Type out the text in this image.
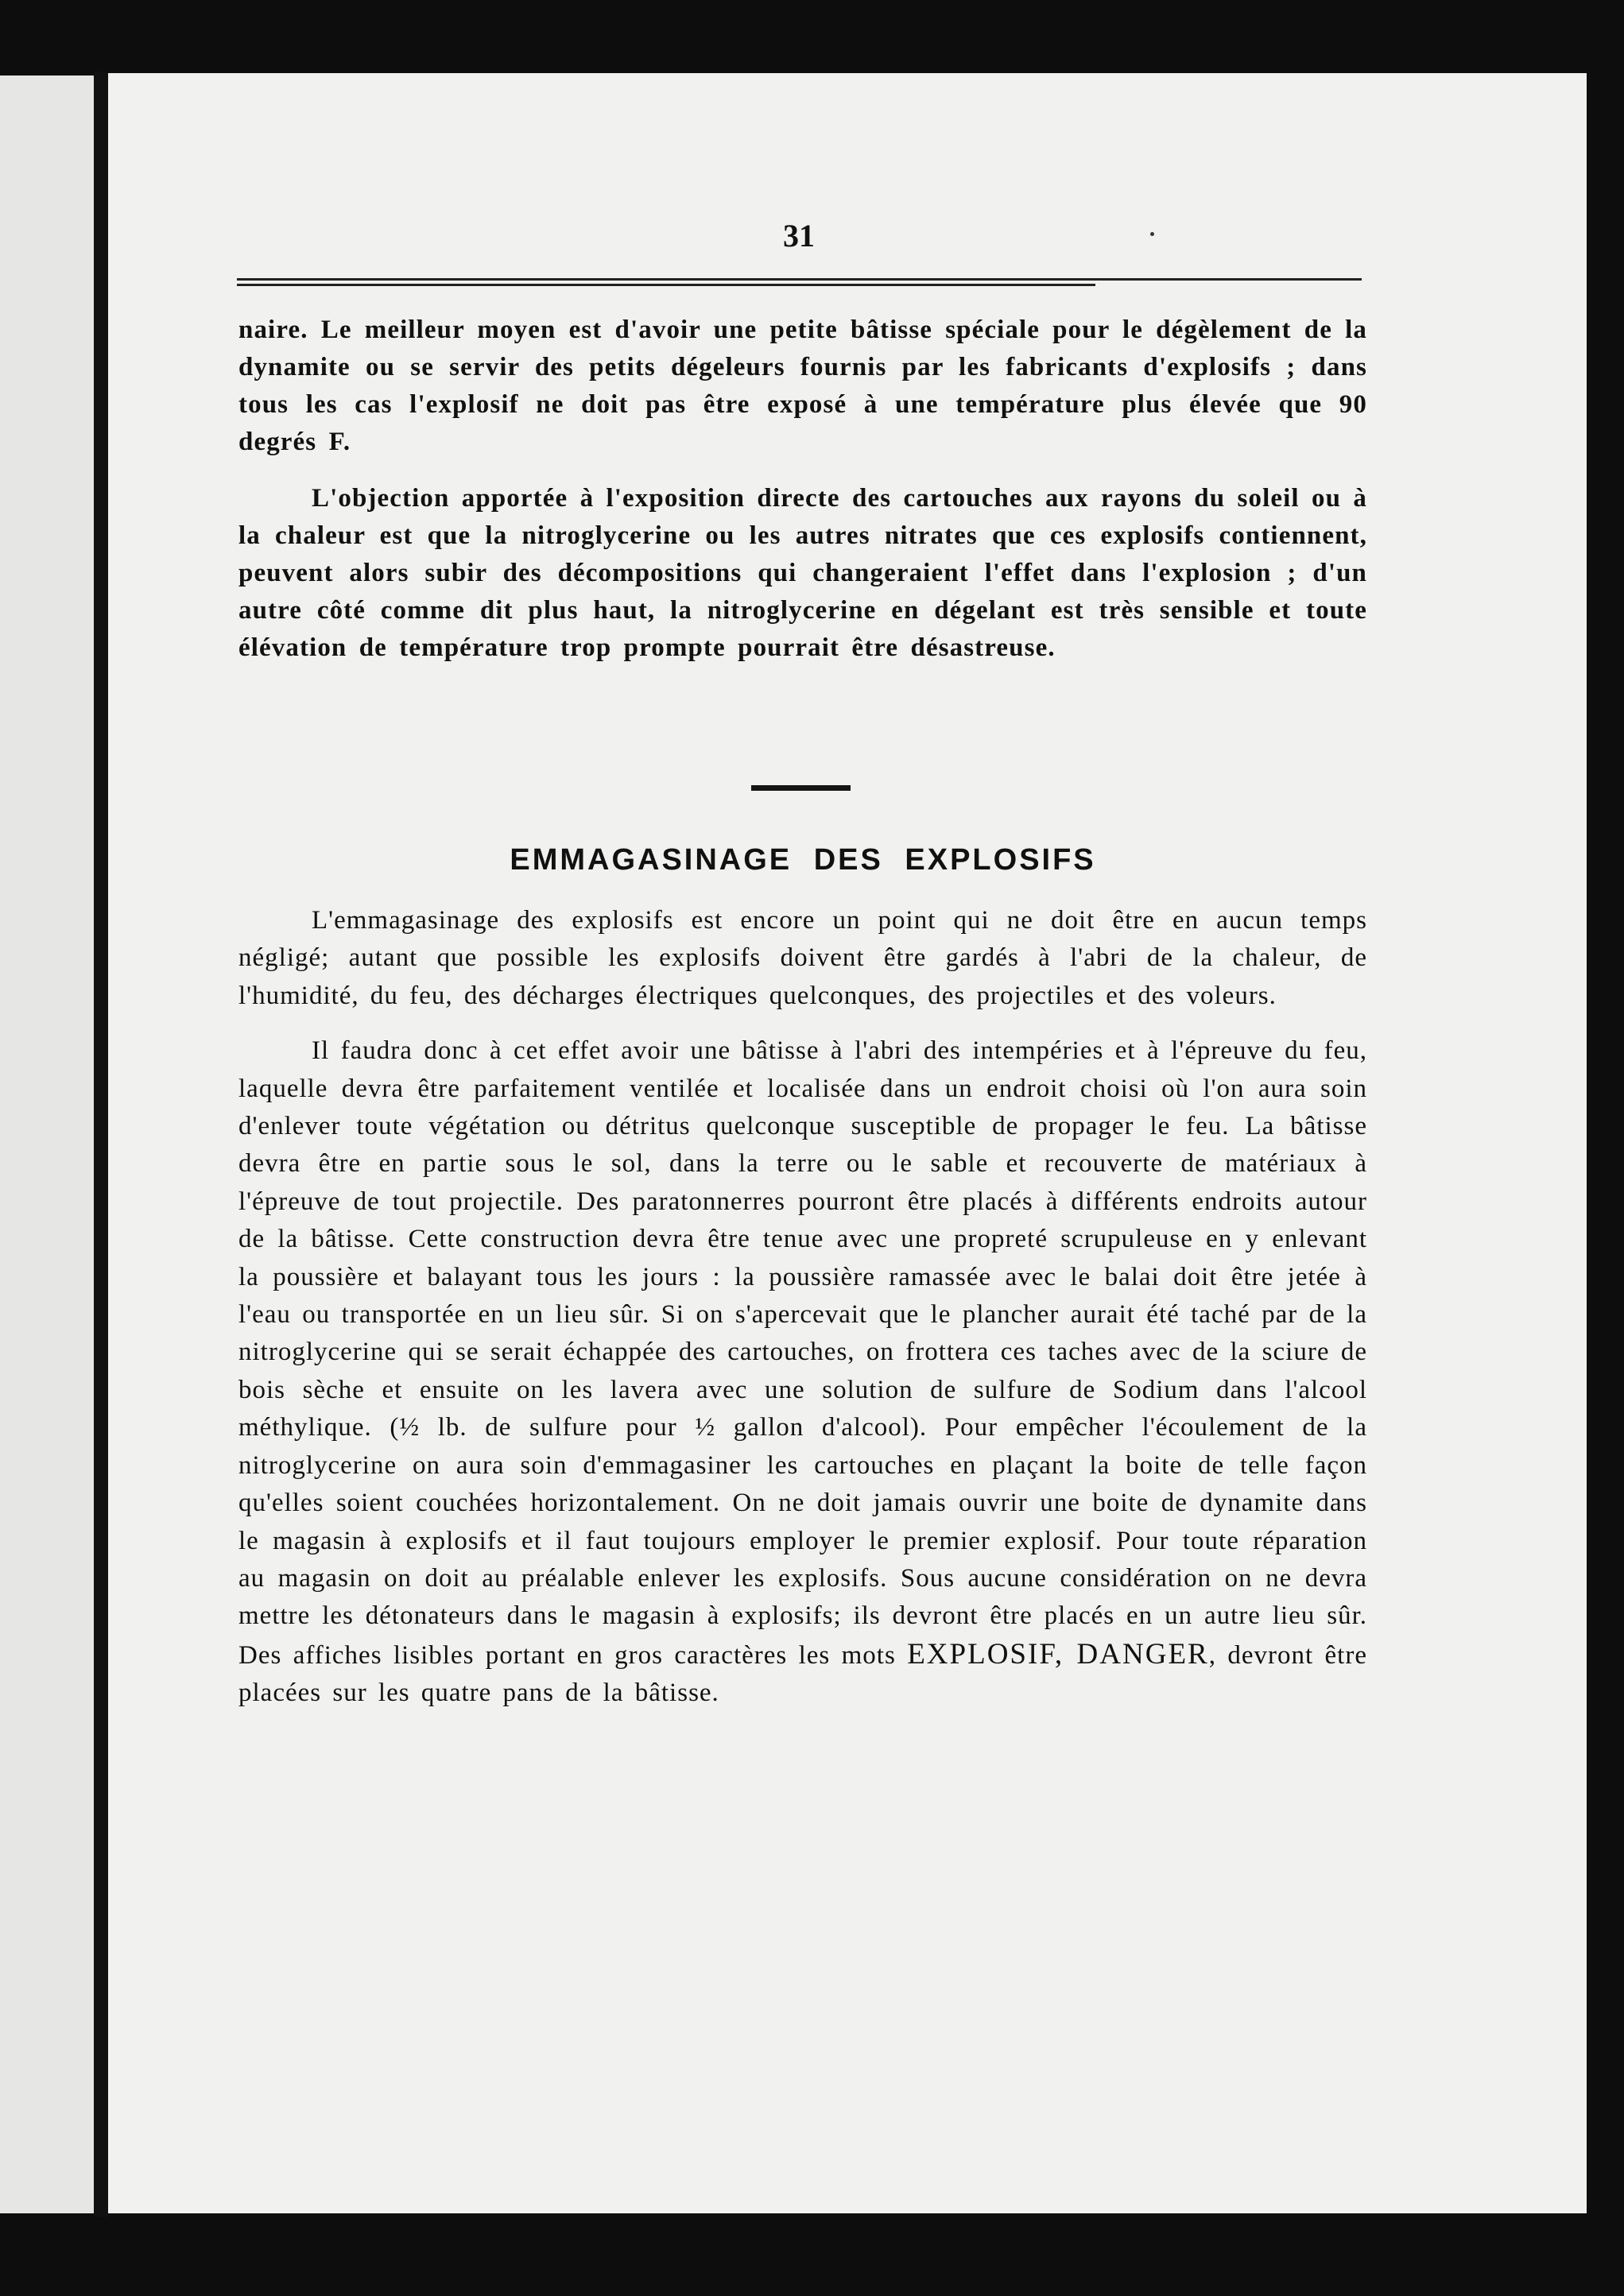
31

naire. Le meilleur moyen est d'avoir une petite bâtisse spéciale pour le dégèlement de la dynamite ou se servir des petits dégeleurs fournis par les fabricants d'explosifs ; dans tous les cas l'explosif ne doit pas être exposé à une température plus élevée que 90 degrés F.

L'objection apportée à l'exposition directe des cartouches aux rayons du soleil ou à la chaleur est que la nitroglycerine ou les autres nitrates que ces explosifs contiennent, peuvent alors subir des décompositions qui changeraient l'effet dans l'explosion ; d'un autre côté comme dit plus haut, la nitroglycerine en dégelant est très sensible et toute élévation de température trop prompte pourrait être désastreuse.

EMMAGASINAGE DES EXPLOSIFS

L'emmagasinage des explosifs est encore un point qui ne doit être en aucun temps négligé; autant que possible les explosifs doivent être gardés à l'abri de la chaleur, de l'humidité, du feu, des décharges électriques quelconques, des projectiles et des voleurs.

Il faudra donc à cet effet avoir une bâtisse à l'abri des intempéries et à l'épreuve du feu, laquelle devra être parfaitement ventilée et localisée dans un endroit choisi où l'on aura soin d'enlever toute végétation ou détritus quelconque susceptible de propager le feu. La bâtisse devra être en partie sous le sol, dans la terre ou le sable et recouverte de matériaux à l'épreuve de tout projectile. Des paratonnerres pourront être placés à différents endroits autour de la bâtisse. Cette construction devra être tenue avec une propreté scrupuleuse en y enlevant la poussière et balayant tous les jours : la poussière ramassée avec le balai doit être jetée à l'eau ou transportée en un lieu sûr. Si on s'apercevait que le plancher aurait été taché par de la nitroglycerine qui se serait échappée des cartouches, on frottera ces taches avec de la sciure de bois sèche et ensuite on les lavera avec une solution de sulfure de Sodium dans l'alcool méthylique. (½ lb. de sulfure pour ½ gallon d'alcool). Pour empêcher l'écoulement de la nitroglycerine on aura soin d'emmagasiner les cartouches en plaçant la boite de telle façon qu'elles soient couchées horizontalement. On ne doit jamais ouvrir une boite de dynamite dans le magasin à explosifs et il faut toujours employer le premier explosif. Pour toute réparation au magasin on doit au préalable enlever les explosifs. Sous aucune considération on ne devra mettre les détonateurs dans le magasin à explosifs; ils devront être placés en un autre lieu sûr. Des affiches lisibles portant en gros caractères les mots EXPLOSIF, DANGER, devront être placées sur les quatre pans de la bâtisse.
